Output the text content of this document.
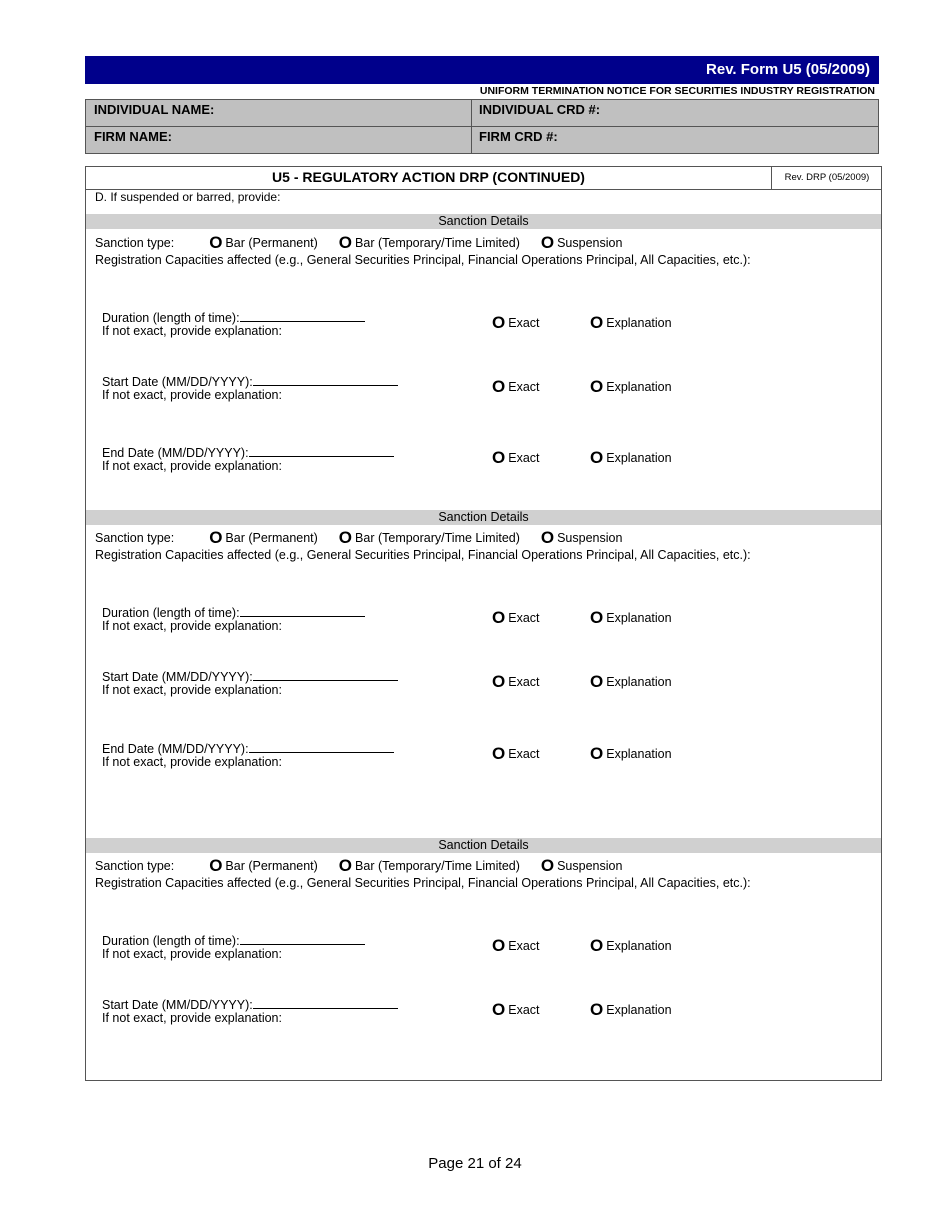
Rev. Form U5 (05/2009)
UNIFORM TERMINATION NOTICE FOR SECURITIES INDUSTRY REGISTRATION
INDIVIDUAL NAME:	INDIVIDUAL CRD #:
FIRM NAME:	FIRM CRD #:
U5 - REGULATORY ACTION DRP (CONTINUED)	Rev. DRP (05/2009)
D. If suspended or barred, provide:
Sanction Details
Sanction type: O Bar (Permanent) O Bar (Temporary/Time Limited) O Suspension
Registration Capacities affected (e.g., General Securities Principal, Financial Operations Principal, All Capacities, etc.):
Duration (length of time):
If not exact, provide explanation:	O Exact	O Explanation
Start Date (MM/DD/YYYY):
If not exact, provide explanation:	O Exact	O Explanation
End Date (MM/DD/YYYY):
If not exact, provide explanation:	O Exact	O Explanation
Sanction Details
Sanction type: O Bar (Permanent) O Bar (Temporary/Time Limited) O Suspension
Registration Capacities affected (e.g., General Securities Principal, Financial Operations Principal, All Capacities, etc.):
Duration (length of time):
If not exact, provide explanation:	O Exact	O Explanation
Start Date (MM/DD/YYYY):
If not exact, provide explanation:	O Exact	O Explanation
End Date (MM/DD/YYYY):
If not exact, provide explanation:	O Exact	O Explanation
Sanction Details
Sanction type: O Bar (Permanent) O Bar (Temporary/Time Limited) O Suspension
Registration Capacities affected (e.g., General Securities Principal, Financial Operations Principal, All Capacities, etc.):
Duration (length of time):
If not exact, provide explanation:	O Exact	O Explanation
Start Date (MM/DD/YYYY):
If not exact, provide explanation:	O Exact	O Explanation
Page 21 of 24
